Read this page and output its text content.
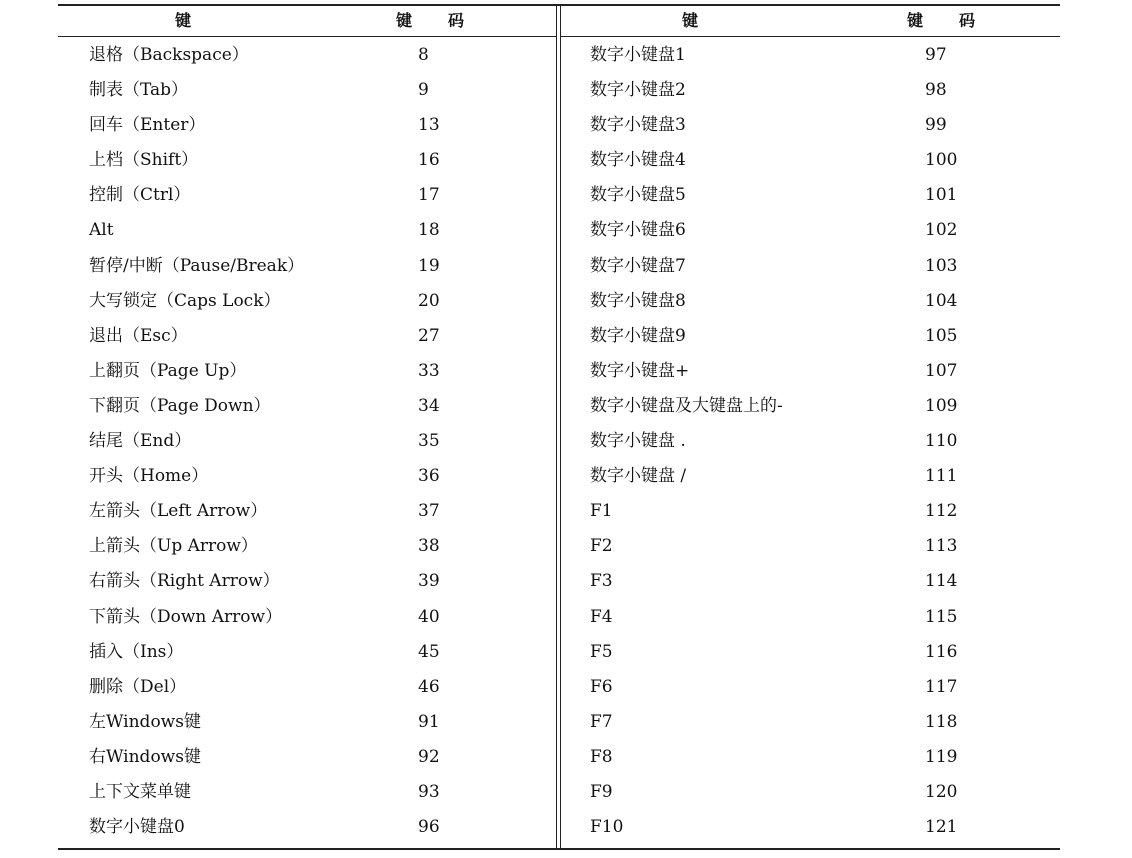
键	键码
退格（Backspace）	8
制表（Tab）	9
回车（Enter）	13
上档（Shift）	16
控制（Ctrl）	17
Alt	18
暂停/中断（Pause/Break）	19
大写锁定（Caps Lock）	20
退出（Esc）	27
上翻页（Page Up）	33
下翻页（Page Down）	34
结尾（End）	35
开头（Home）	36
左箭头（Left Arrow）	37
上箭头（Up Arrow）	38
右箭头（Right Arrow）	39
下箭头（Down Arrow）	40
插入（Ins）	45
删除（Del）	46
左Windows键	91
右Windows键	92
上下文菜单键	93
数字小键盘0	96
键	键码
数字小键盘1	97
数字小键盘2	98
数字小键盘3	99
数字小键盘4	100
数字小键盘5	101
数字小键盘6	102
数字小键盘7	103
数字小键盘8	104
数字小键盘9	105
数字小键盘+	107
数字小键盘及大键盘上的-	109
数字小键盘 .	110
数字小键盘 /	111
F1	112
F2	113
F3	114
F4	115
F5	116
F6	117
F7	118
F8	119
F9	120
F10	121
